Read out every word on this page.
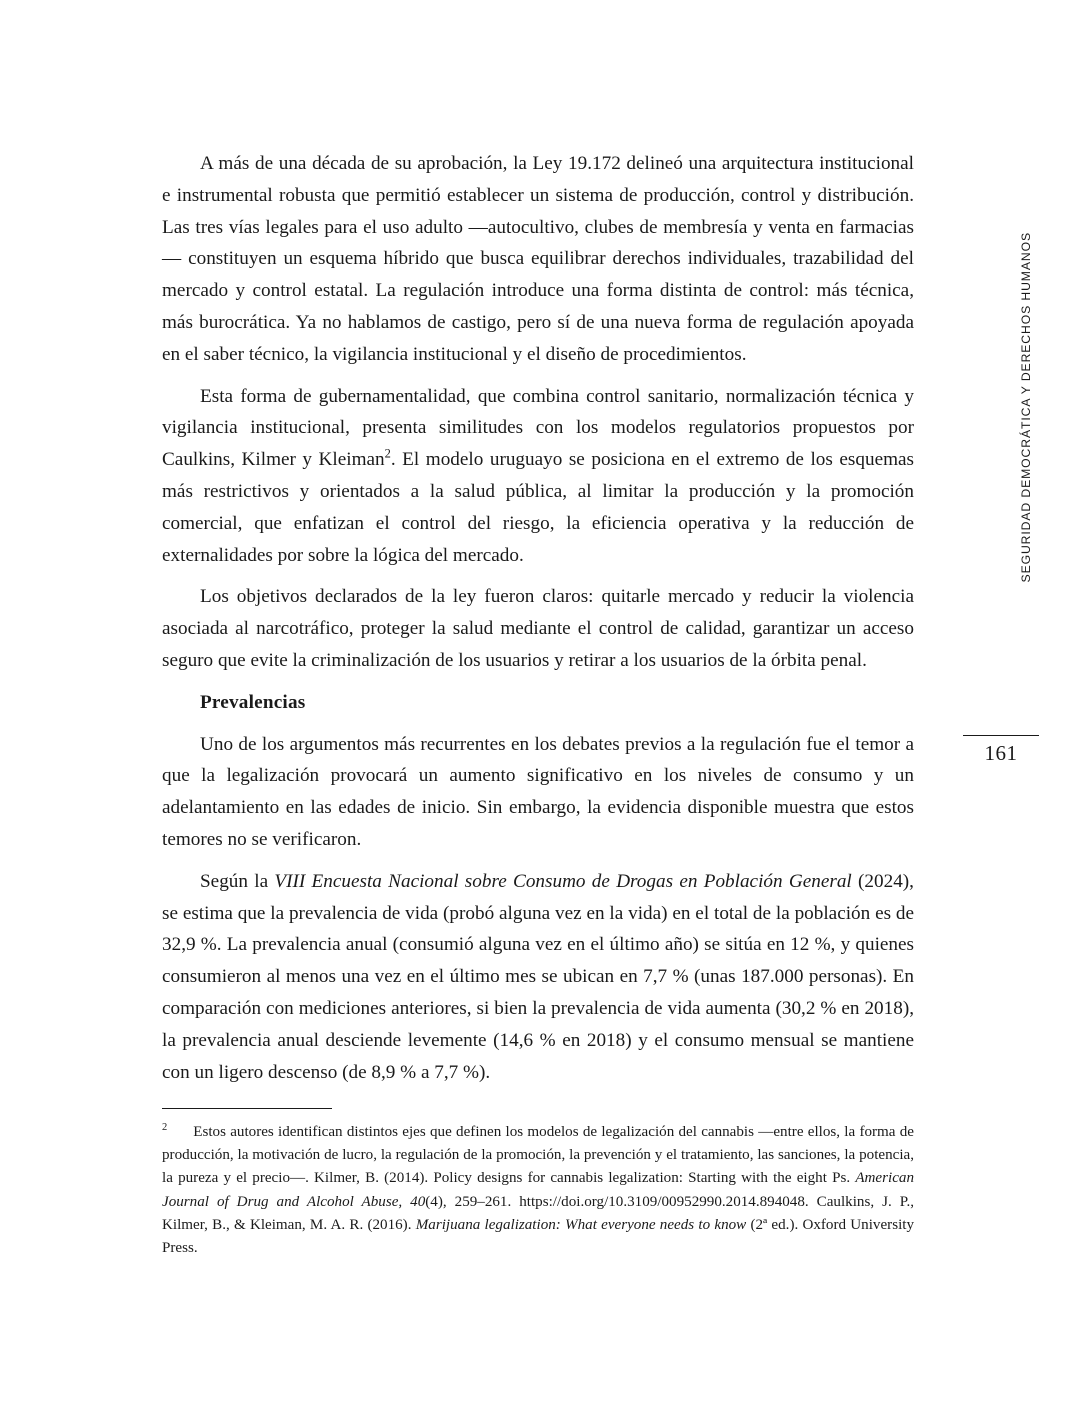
A más de una década de su aprobación, la Ley 19.172 delineó una arquitectura institucional e instrumental robusta que permitió establecer un sistema de producción, control y distribución. Las tres vías legales para el uso adulto —autocultivo, clubes de membresía y venta en farmacias— constituyen un esquema híbrido que busca equilibrar derechos individuales, trazabilidad del mercado y control estatal. La regulación introduce una forma distinta de control: más técnica, más burocrática. Ya no hablamos de castigo, pero sí de una nueva forma de regulación apoyada en el saber técnico, la vigilancia institucional y el diseño de procedimientos.

Esta forma de gubernamentalidad, que combina control sanitario, normalización técnica y vigilancia institucional, presenta similitudes con los modelos regulatorios propuestos por Caulkins, Kilmer y Kleiman$^2$. El modelo uruguayo se posiciona en el extremo de los esquemas más restrictivos y orientados a la salud pública, al limitar la producción y la promoción comercial, que enfatizan el control del riesgo, la eficiencia operativa y la reducción de externalidades por sobre la lógica del mercado.

Los objetivos declarados de la ley fueron claros: quitarle mercado y reducir la violencia asociada al narcotráfico, proteger la salud mediante el control de calidad, garantizar un acceso seguro que evite la criminalización de los usuarios y retirar a los usuarios de la órbita penal.

Prevalencias

Uno de los argumentos más recurrentes en los debates previos a la regulación fue el temor a que la legalización provocará un aumento significativo en los niveles de consumo y un adelantamiento en las edades de inicio. Sin embargo, la evidencia disponible muestra que estos temores no se verificaron.

Según la VIII Encuesta Nacional sobre Consumo de Drogas en Población General (2024), se estima que la prevalencia de vida (probó alguna vez en la vida) en el total de la población es de 32,9 %. La prevalencia anual (consumió alguna vez en el último año) se sitúa en 12 %, y quienes consumieron al menos una vez en el último mes se ubican en 7,7 % (unas 187.000 personas). En comparación con mediciones anteriores, si bien la prevalencia de vida aumenta (30,2 % en 2018), la prevalencia anual desciende levemente (14,6 % en 2018) y el consumo mensual se mantiene con un ligero descenso (de 8,9 % a 7,7 %).

SEGURIDAD DEMOCRÁTICA Y DERECHOS HUMANOS
161

$^2$ Estos autores identifican distintos ejes que definen los modelos de legalización del cannabis —entre ellos, la forma de producción, la motivación de lucro, la regulación de la promoción, la prevención y el tratamiento, las sanciones, la potencia, la pureza y el precio—. Kilmer, B. (2014). Policy designs for cannabis legalization: Starting with the eight Ps. American Journal of Drug and Alcohol Abuse, 40(4), 259–261. https://doi.org/10.3109/00952990.2014.894048. Caulkins, J. P., Kilmer, B., & Kleiman, M. A. R. (2016). Marijuana legalization: What everyone needs to know (2ª ed.). Oxford University Press.
